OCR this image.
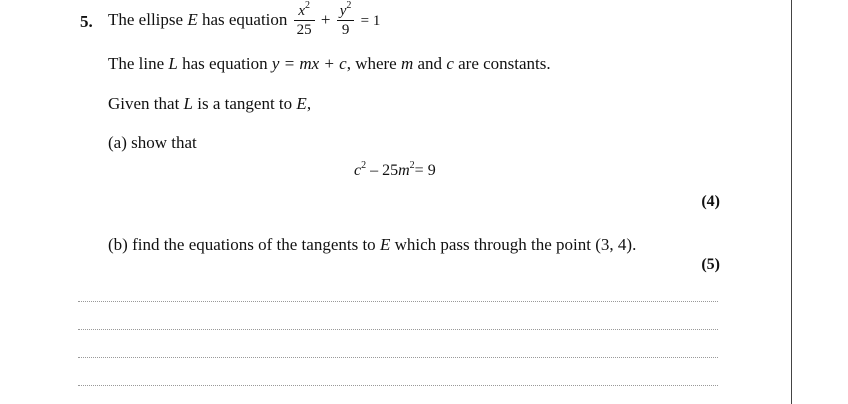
5. The ellipse E has equation $\frac{x^2}{25} + \frac{y^2}{9} = 1$
The line L has equation y = mx + c, where m and c are constants.
Given that L is a tangent to E,
(a) show that
$c^2 - 25m^2= 9$
(4)
(b) find the equations of the tangents to E which pass through the point (3, 4).
(5)
